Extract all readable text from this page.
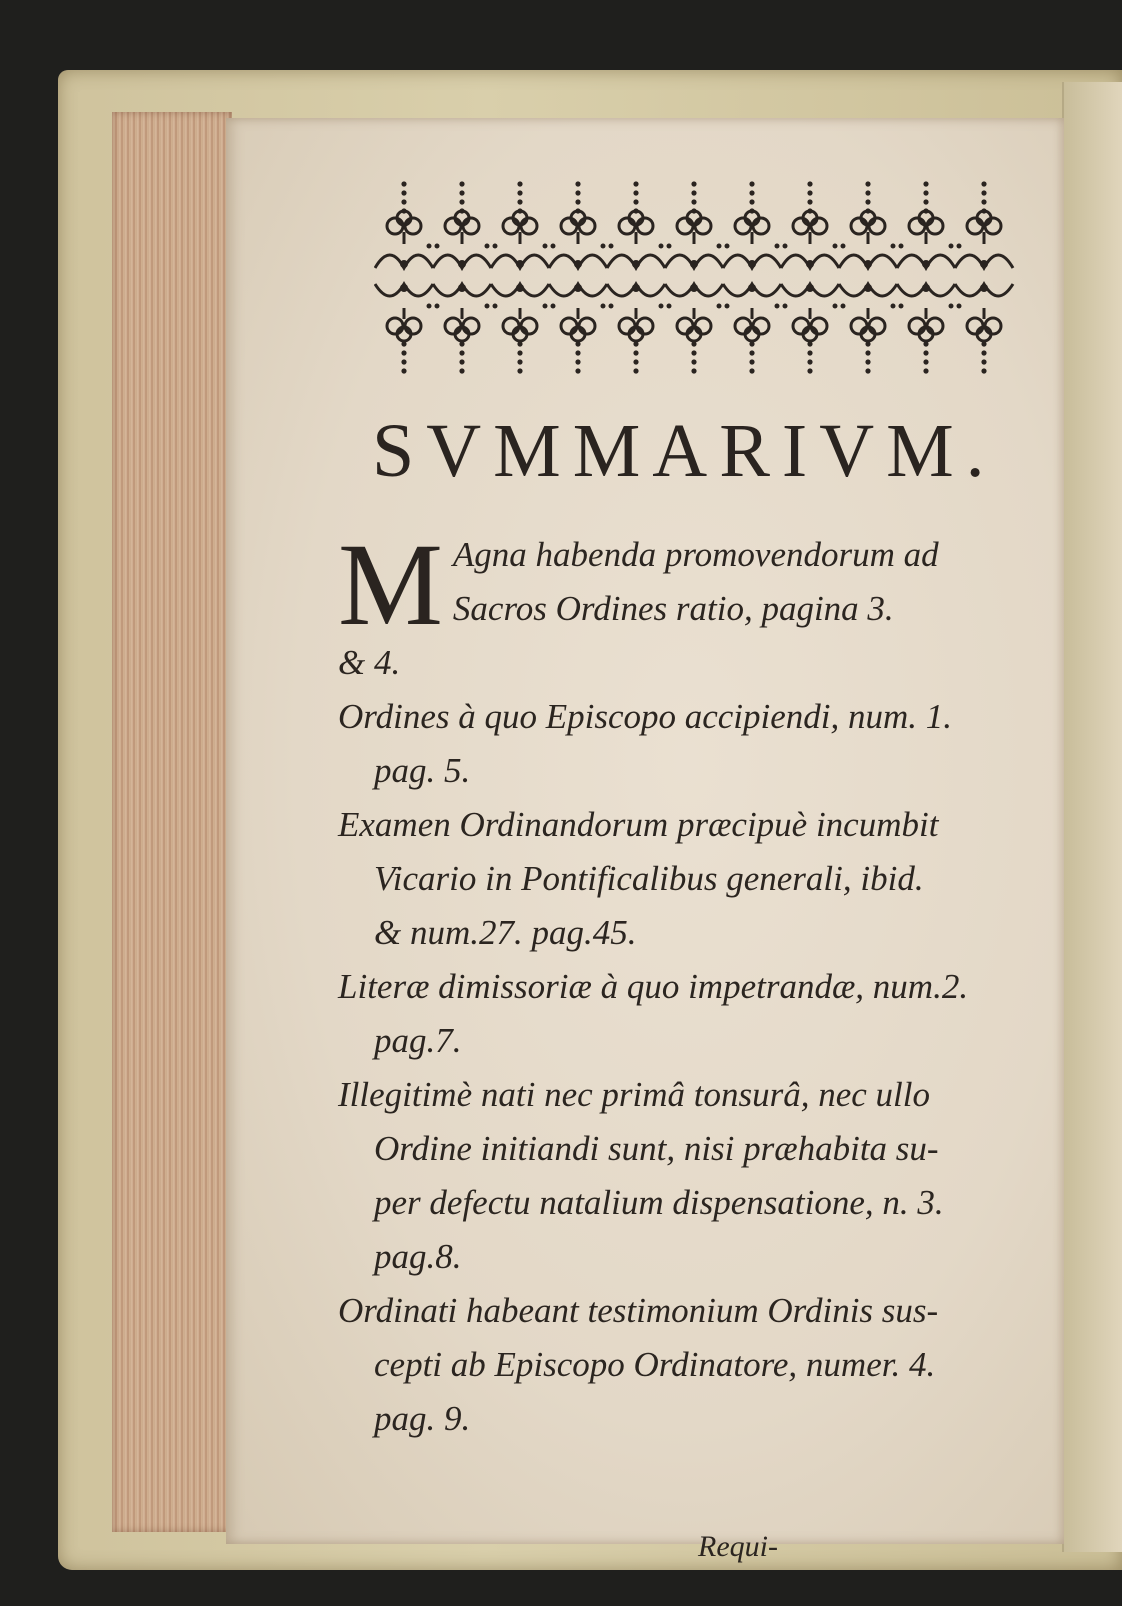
SVMMARIVM.
M Agna habenda promovendorum ad

Sacros Ordines ratio, pagina 3.

& 4.

Ordines à quo Episcopo accipiendi, num. 1.

pag. 5.

Examen Ordinandorum præcipuè incumbit

Vicario in Pontificalibus generali, ibid.

& num.27. pag.45.

Literæ dimissoriæ à quo impetrandæ, num.2.

pag.7.

Illegitimè nati nec primâ tonsurâ, nec ullo

Ordine initiandi sunt, nisi præhabita su-

per defectu natalium dispensatione, n. 3.

pag.8.

Ordinati habeant testimonium Ordinis sus-

cepti ab Episcopo Ordinatore, numer. 4.

pag. 9.

Requi-
